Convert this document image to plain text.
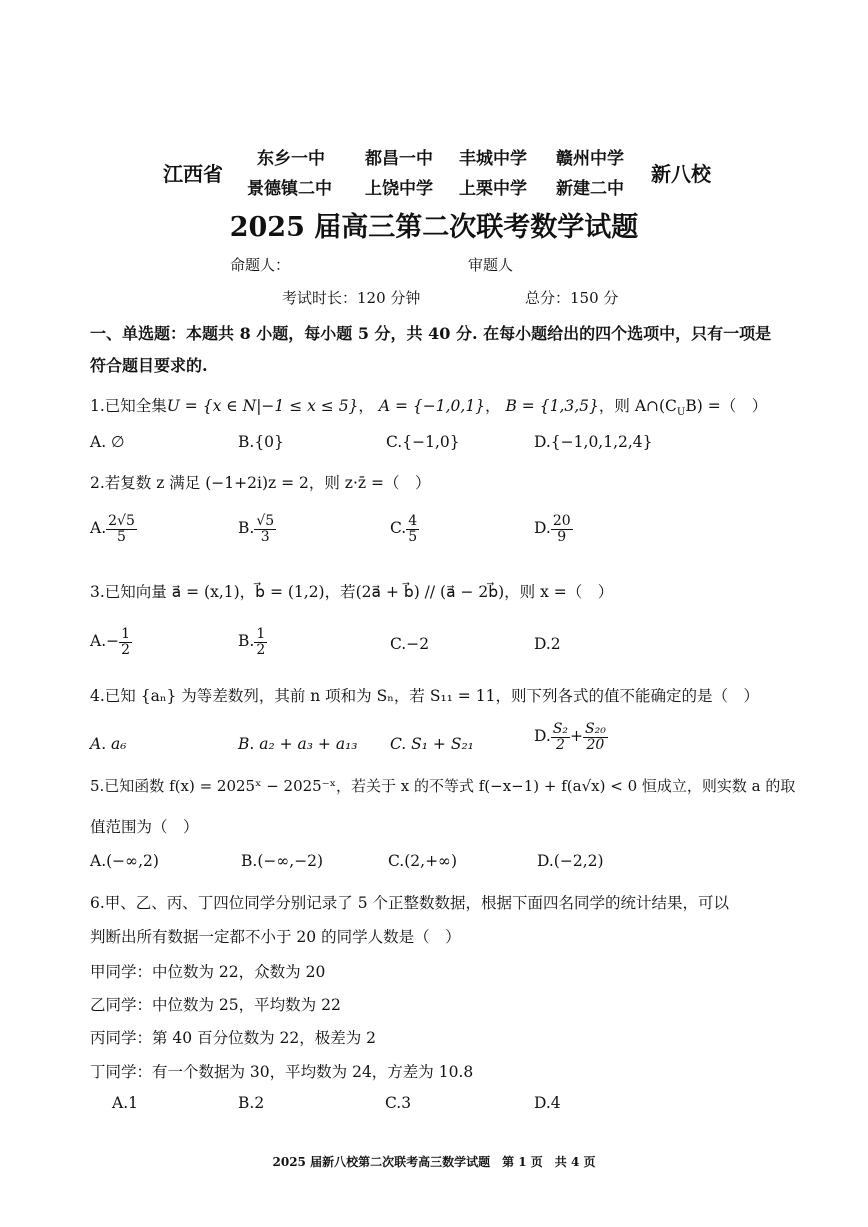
江西省
东乡一中 都昌一中 丰城中学 赣州中学
景德镇二中 上饶中学 上栗中学 新建二中
新八校
2025 届高三第二次联考数学试题
命题人：	审题人
考试时长：120 分钟	总分：150 分
一、单选题：本题共 8 小题，每小题 5 分，共 40 分. 在每小题给出的四个选项中，只有一项是
符合题目要求的.
1.已知全集U = {x ∈ N|−1 ≤ x ≤ 5}， A = {−1,0,1}， B = {1,3,5}，则 $A\cap(C_UB)$ =（　）
A. ∅	B.{0}	C.{−1,0}	D.{−1,0,1,2,4}
2.若复数 z 满足 (−1+2i)z = 2，则 z·z̄ =（　）
A. $\frac{2√5}{5}$	B. $\frac{√5}{3}$	C. $\frac{4}{5}$	D. $\frac{20}{9}$
3.已知向量 a⃗ = (x,1)，b⃗ = (1,2)，若(2a⃗ + b⃗) // (a⃗ − 2b⃗)，则 x =（　）
$A.- \frac{1}{2}$	B. $\frac{1}{2}$	C.−2	D.2
4.已知 {aₙ} 为等差数列，其前 n 项和为 Sₙ，若 S₁₁ = 11，则下列各式的值不能确定的是（　）
A. a₆	B. a₂ + a₃ + a₁₃ C. S₁ + S₂₁	D. $\frac{\text{S₂}}{2} + \frac{\text{S₂₀}}{20}$
5.已知函数 f(x) = 2025ˣ − 2025⁻ˣ，若关于 x 的不等式 f(−x−1) + f(a√x) < 0 恒成立，则实数 a 的取
值范围为（　）
A.(−∞,2)	B.(−∞,−2)	C.(2,+∞)	D.(−2,2)
6.甲、乙、丙、丁四位同学分别记录了 5 个正整数数据，根据下面四名同学的统计结果，可以
判断出所有数据一定都不小于 20 的同学人数是（　）
甲同学：中位数为 22，众数为 20
乙同学：中位数为 25，平均数为 22
丙同学：第 40 百分位数为 22，极差为 2
丁同学：有一个数据为 30，平均数为 24，方差为 10.8
A.1	B.2	C.3	D.4
2025 届新八校第二次联考高三数学试题　第 1 页　共 4 页
